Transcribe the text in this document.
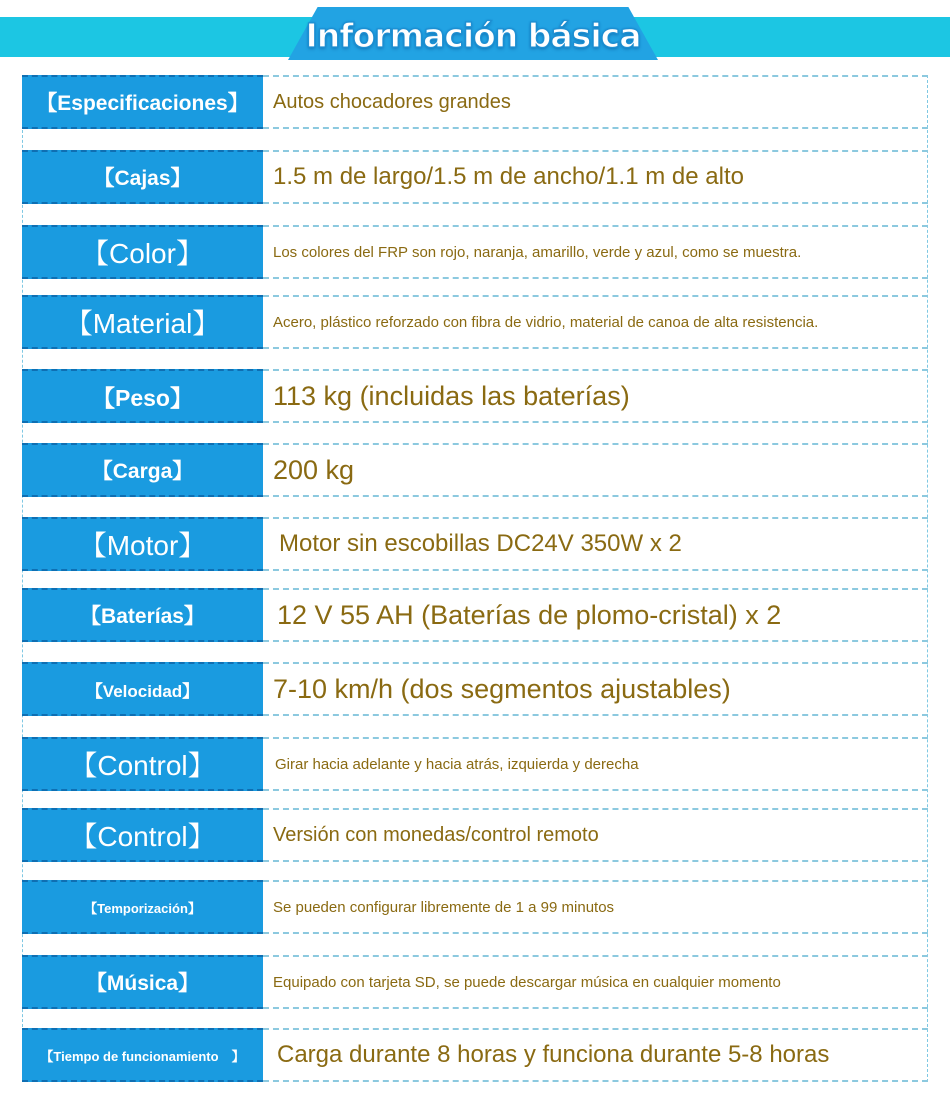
Información básica
【Especificaciones】	Autos chocadores grandes
【Cajas】	1.5 m de largo/1.5 m de ancho/1.1 m de alto
【Color】	Los colores del FRP son rojo, naranja, amarillo, verde y azul, como se muestra.
【Material】	Acero, plástico reforzado con fibra de vidrio, material de canoa de alta resistencia.
【Peso】	113 kg (incluidas las baterías)
【Carga】	200 kg
【Motor】	Motor sin escobillas DC24V 350W x 2
【Baterías】	12 V 55 AH (Baterías de plomo-cristal) x 2
【Velocidad】	7-10 km/h (dos segmentos ajustables)
【Control】	Girar hacia adelante y hacia atrás, izquierda y derecha
【Control】	Versión con monedas/control remoto
【Temporización】	Se pueden configurar libremente de 1 a 99 minutos
【Música】	Equipado con tarjeta SD, se puede descargar música en cualquier momento
【Tiempo de funcionamiento　】	Carga durante 8 horas y funciona durante 5-8 horas
